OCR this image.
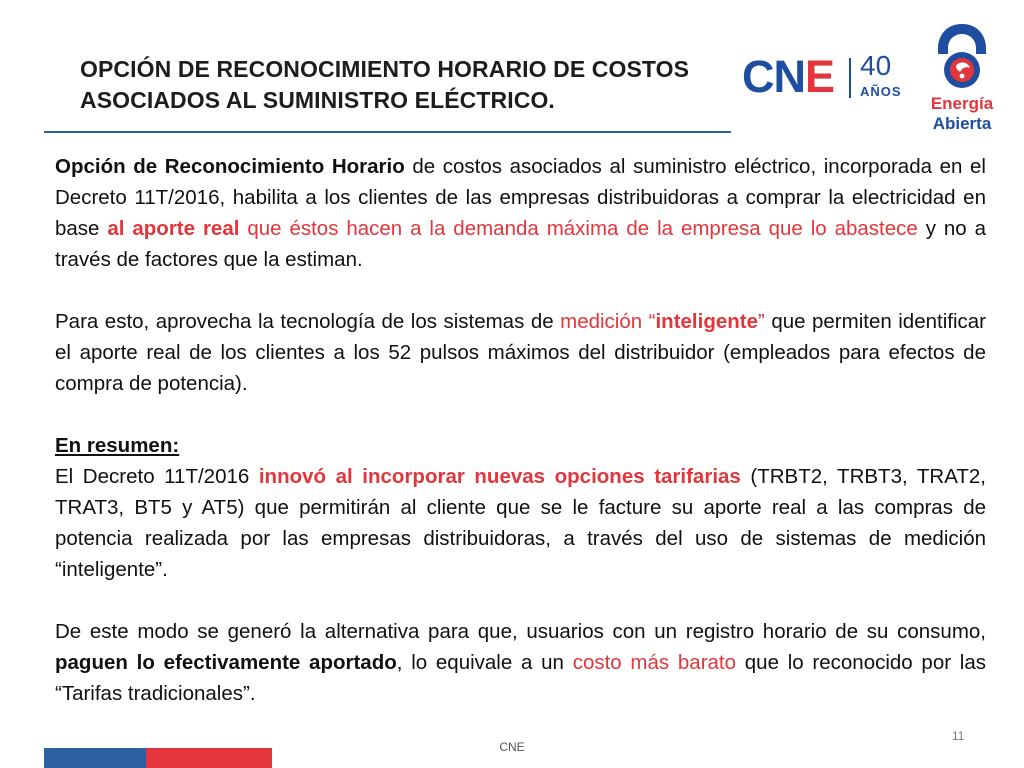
OPCIÓN DE RECONOCIMIENTO HORARIO DE COSTOS
ASOCIADOS AL SUMINISTRO ELÉCTRICO.	CNE 40
AÑOS
Energía
Abierta

Opción de Reconocimiento Horario de costos asociados al suministro eléctrico, incorporada en el Decreto 11T/2016, habilita a los clientes de las empresas distribuidoras a comprar la electricidad en base al aporte real que éstos hacen a la demanda máxima de la empresa que lo abastece y no a través de factores que la estiman.

Para esto, aprovecha la tecnología de los sistemas de medición “inteligente” que permiten identificar el aporte real de los clientes a los 52 pulsos máximos del distribuidor (empleados para efectos de compra de potencia).

En resumen:

El Decreto 11T/2016 innovó al incorporar nuevas opciones tarifarias (TRBT2, TRBT3, TRAT2, TRAT3, BT5 y AT5) que permitirán al cliente que se le facture su aporte real a las compras de potencia realizada por las empresas distribuidoras, a través del uso de sistemas de medición “inteligente”.

De este modo se generó la alternativa para que, usuarios con un registro horario de su consumo, paguen lo efectivamente aportado, lo equivale a un costo más barato que lo reconocido por las “Tarifas tradicionales”.

11
CNE
